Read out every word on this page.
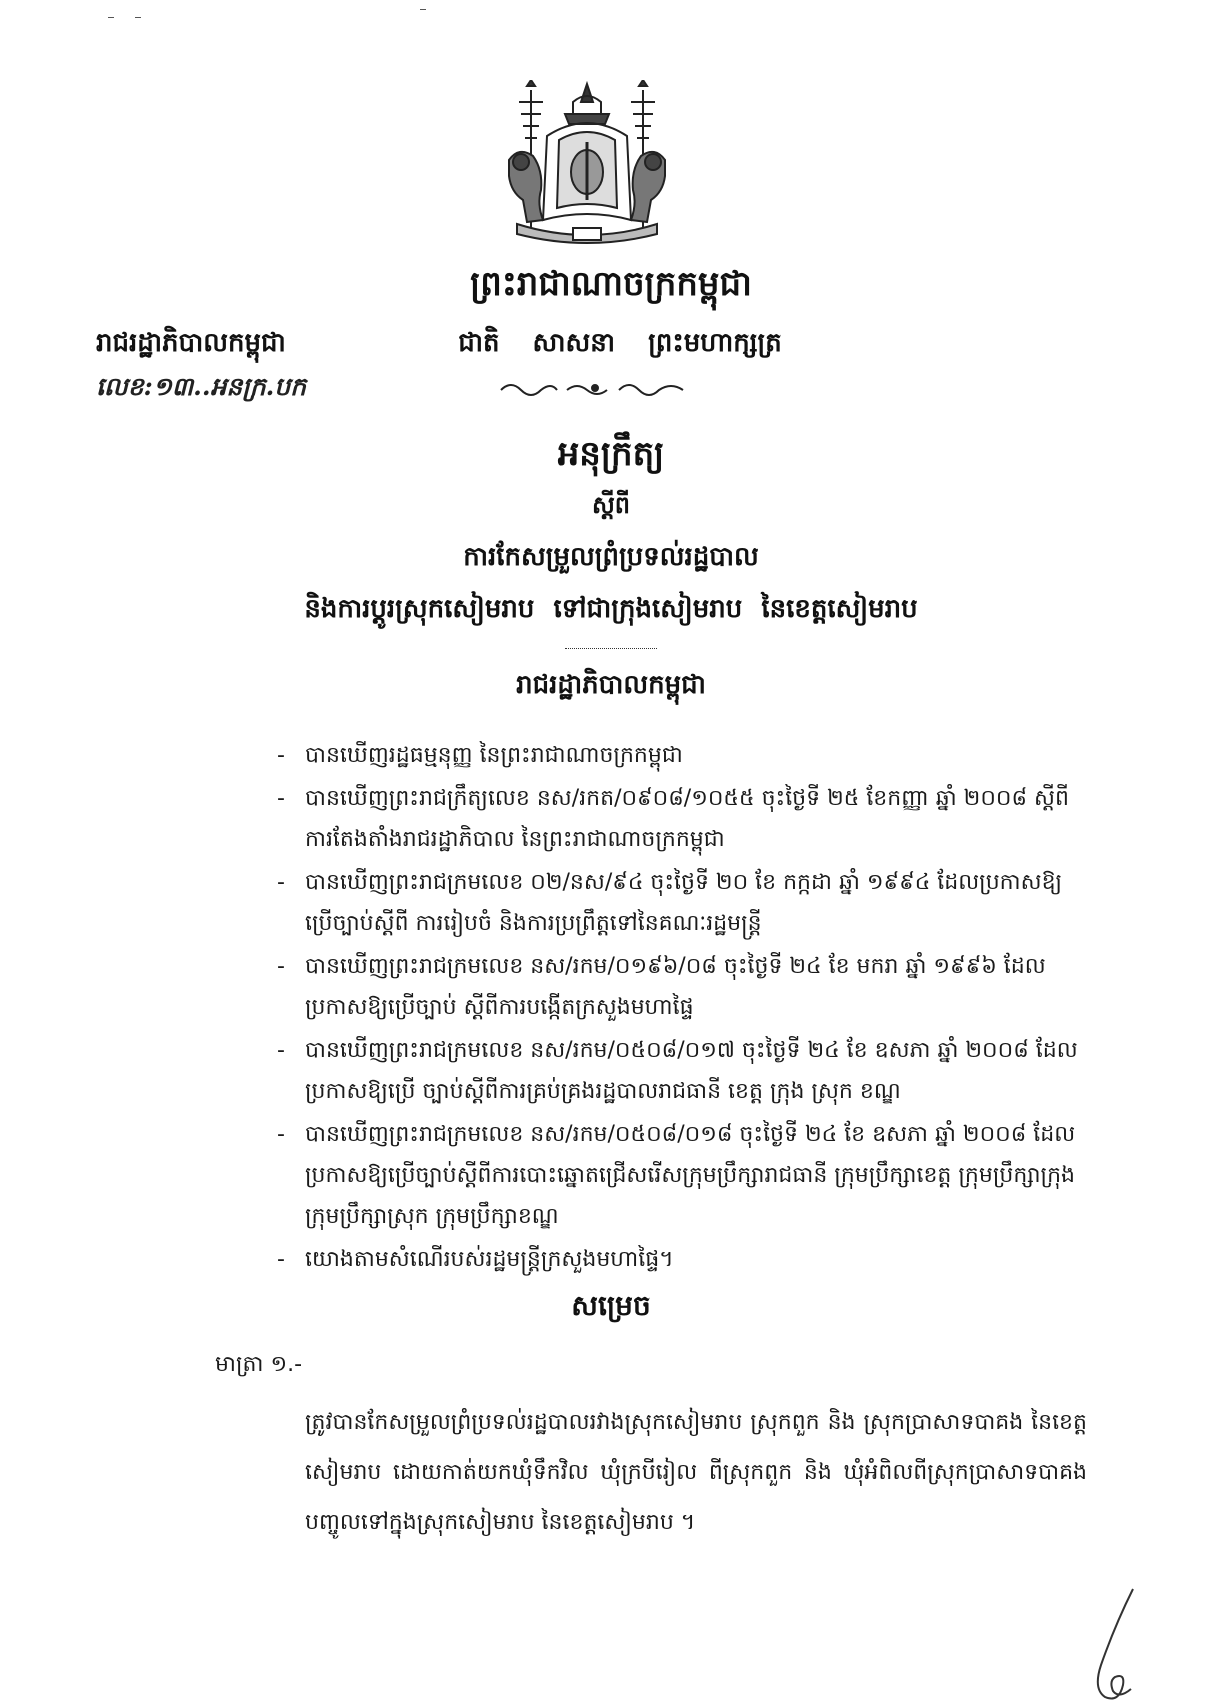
ព្រះរាជាណាចក្រកម្ពុជា
រាជរដ្ឋាភិបាលកម្ពុជា	ជាតិ សាសនា ព្រះមហាក្សត្រ
លេខ:១៣..អនក្រ.បក
អនុក្រឹត្យ
ស្តីពី
ការកែសម្រួលព្រំប្រទល់រដ្ឋបាល
និងការប្តូរស្រុកសៀមរាប ទៅជាក្រុងសៀមរាប នៃខេត្តសៀមរាប
រាជរដ្ឋាភិបាលកម្ពុជា
- បានឃើញរដ្ឋធម្មនុញ្ញ នៃព្រះរាជាណាចក្រកម្ពុជា
- បានឃើញព្រះរាជក្រឹត្យលេខ នស/រកត/០៩០៨/១០៥៥ ចុះថ្ងៃទី ២៥ ខែកញ្ញា ឆ្នាំ ២០០៨ ស្តីពីការតែងតាំងរាជរដ្ឋាភិបាល នៃព្រះរាជាណាចក្រកម្ពុជា
- បានឃើញព្រះរាជក្រមលេខ ០២/នស/៩៤ ចុះថ្ងៃទី ២០ ខែ កក្កដា ឆ្នាំ ១៩៩៤ ដែលប្រកាសឱ្យប្រើច្បាប់ស្តីពី ការរៀបចំ និងការប្រព្រឹត្តទៅនៃគណៈរដ្ឋមន្ត្រី
- បានឃើញព្រះរាជក្រមលេខ នស/រកម/០១៩៦/០៨ ចុះថ្ងៃទី ២៤ ខែ មករា ឆ្នាំ ១៩៩៦ ដែលប្រកាសឱ្យប្រើច្បាប់ ស្តីពីការបង្កើតក្រសួងមហាផ្ទៃ
- បានឃើញព្រះរាជក្រមលេខ នស/រកម/០៥០៨/០១៧ ចុះថ្ងៃទី ២៤ ខែ ឧសភា ឆ្នាំ ២០០៨ ដែលប្រកាសឱ្យប្រើ ច្បាប់ស្តីពីការគ្រប់គ្រងរដ្ឋបាលរាជធានី ខេត្ត ក្រុង ស្រុក ខណ្ឌ
- បានឃើញព្រះរាជក្រមលេខ នស/រកម/០៥០៨/០១៨ ចុះថ្ងៃទី ២៤ ខែ ឧសភា ឆ្នាំ ២០០៨ ដែលប្រកាសឱ្យប្រើច្បាប់ស្តីពីការបោះឆ្នោតជ្រើសរើសក្រុមប្រឹក្សារាជធានី ក្រុមប្រឹក្សាខេត្ត ក្រុមប្រឹក្សាក្រុង ក្រុមប្រឹក្សាស្រុក ក្រុមប្រឹក្សាខណ្ឌ
- យោងតាមសំណើរបស់រដ្ឋមន្ត្រីក្រសួងមហាផ្ទៃ។
សម្រេច
មាត្រា ១.-
ត្រូវបានកែសម្រួលព្រំប្រទល់រដ្ឋបាលរវាងស្រុកសៀមរាប ស្រុកពួក និង ស្រុកប្រាសាទបាគង នៃខេត្តសៀមរាប ដោយកាត់យកឃុំទឹកវិល ឃុំក្របីរៀល ពីស្រុកពួក និង ឃុំអំពិលពីស្រុកប្រាសាទបាគង បញ្ចូលទៅក្នុងស្រុកសៀមរាប នៃខេត្តសៀមរាប ។
